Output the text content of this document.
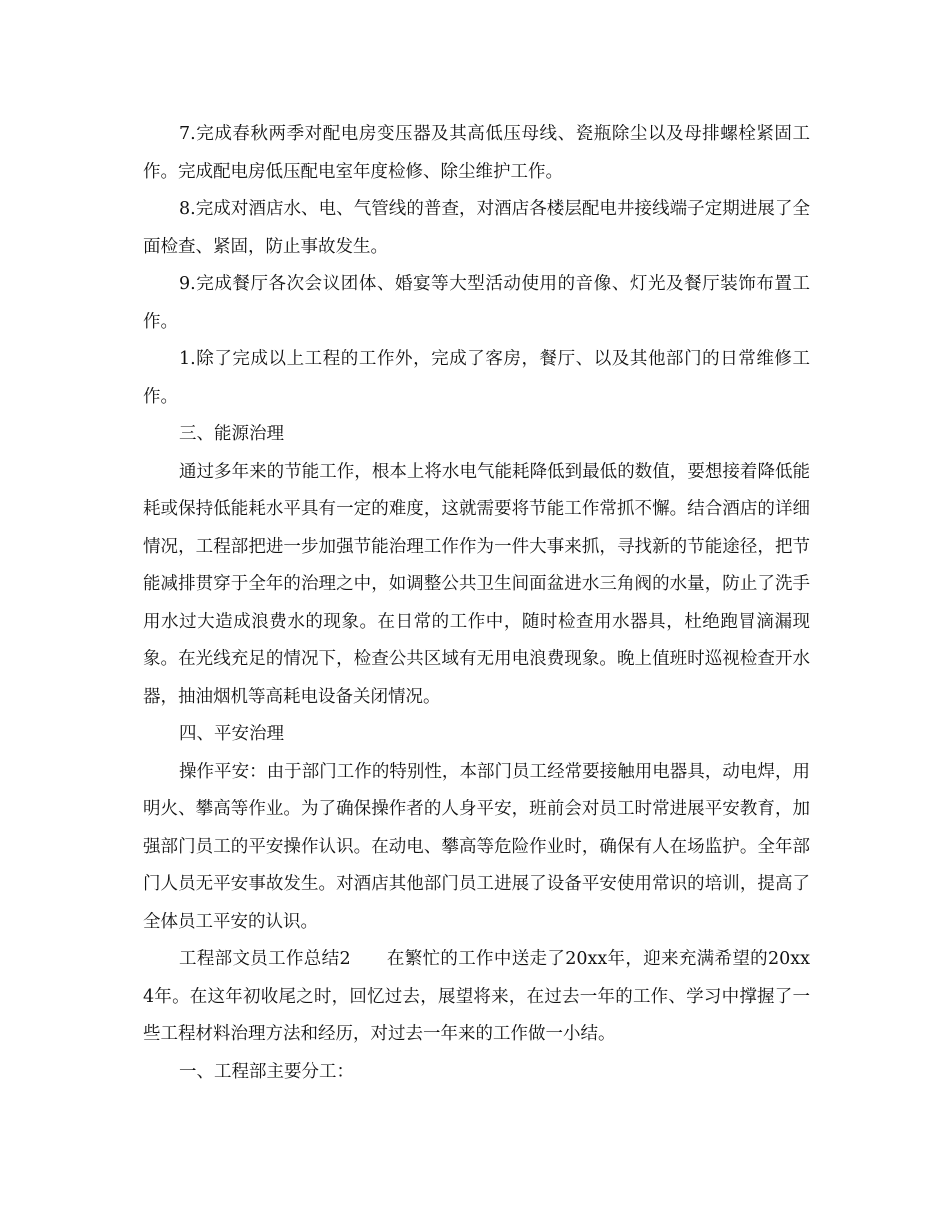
7.完成春秋两季对配电房变压器及其高低压母线、瓷瓶除尘以及母排螺栓紧固工作。完成配电房低压配电室年度检修、除尘维护工作。

8.完成对酒店水、电、气管线的普查，对酒店各楼层配电井接线端子定期进展了全面检查、紧固，防止事故发生。

9.完成餐厅各次会议团体、婚宴等大型活动使用的音像、灯光及餐厅装饰布置工作。

1.除了完成以上工程的工作外，完成了客房，餐厅、以及其他部门的日常维修工作。

三、能源治理

通过多年来的节能工作，根本上将水电气能耗降低到最低的数值，要想接着降低能耗或保持低能耗水平具有一定的难度，这就需要将节能工作常抓不懈。结合酒店的详细情况，工程部把进一步加强节能治理工作作为一件大事来抓，寻找新的节能途径，把节能减排贯穿于全年的治理之中，如调整公共卫生间面盆进水三角阀的水量，防止了洗手用水过大造成浪费水的现象。在日常的工作中，随时检查用水器具，杜绝跑冒滴漏现象。在光线充足的情况下，检查公共区域有无用电浪费现象。晚上值班时巡视检查开水器，抽油烟机等高耗电设备关闭情况。

四、平安治理

操作平安：由于部门工作的特别性，本部门员工经常要接触用电器具，动电焊，用明火、攀高等作业。为了确保操作者的人身平安，班前会对员工时常进展平安教育，加强部门员工的平安操作认识。在动电、攀高等危险作业时，确保有人在场监护。全年部门人员无平安事故发生。对酒店其他部门员工进展了设备平安使用常识的培训，提高了全体员工平安的认识。

工程部文员工作总结2 在繁忙的工作中送走了20xx年，迎来充满希望的20xx4年。在这年初收尾之时，回忆过去，展望将来，在过去一年的工作、学习中撑握了一些工程材料治理方法和经历，对过去一年来的工作做一小结。

一、工程部主要分工：
